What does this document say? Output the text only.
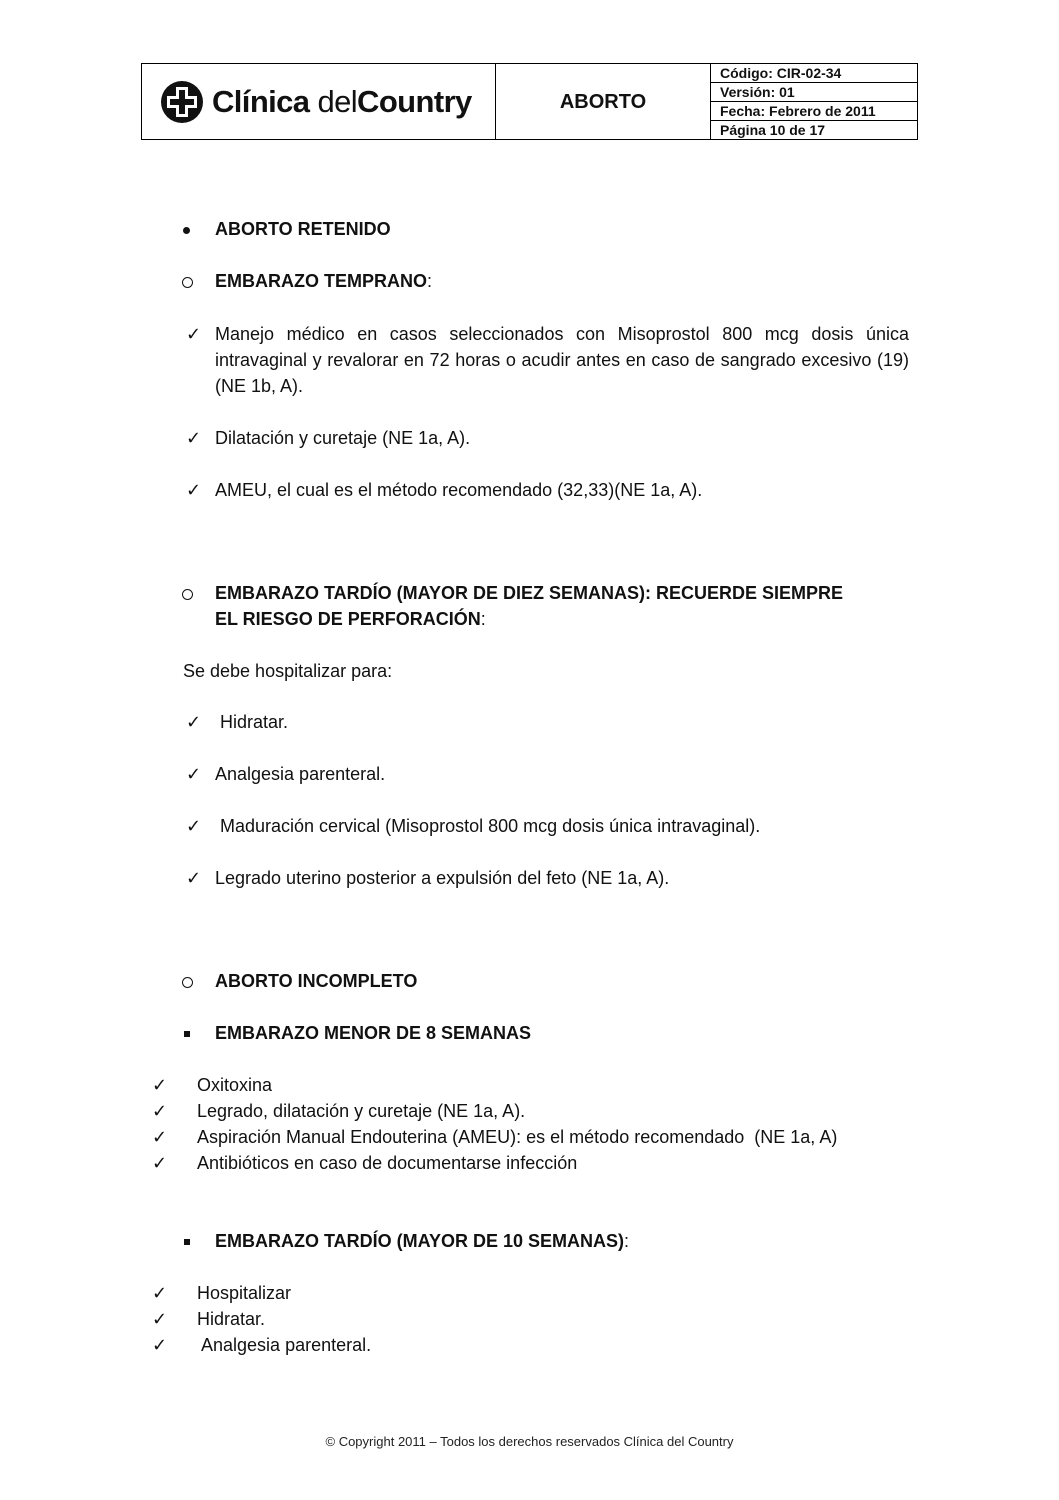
Clínica delCountry	ABORTO
Código: CIR-02-34
Versión: 01
Fecha: Febrero de 2011
Página 10 de 17
ABORTO RETENIDO
EMBARAZO TEMPRANO:
✓ Manejo médico en casos seleccionados con Misoprostol 800 mcg dosis única intravaginal y revalorar en 72 horas o acudir antes en caso de sangrado excesivo (19)(NE 1b, A).
✓ Dilatación y curetaje (NE 1a, A).
✓ AMEU, el cual es el método recomendado (32,33)(NE 1a, A).
EMBARAZO TARDÍO (MAYOR DE DIEZ SEMANAS): RECUERDE SIEMPRE
EL RIESGO DE PERFORACIÓN:
Se debe hospitalizar para:
✓ Hidratar.
✓ Analgesia parenteral.
✓ Maduración cervical (Misoprostol 800 mcg dosis única intravaginal).
✓ Legrado uterino posterior a expulsión del feto (NE 1a, A).
ABORTO INCOMPLETO
EMBARAZO MENOR DE 8 SEMANAS
✓ Oxitoxina
✓ Legrado, dilatación y curetaje (NE 1a, A).
✓ Aspiración Manual Endouterina (AMEU): es el método recomendado  (NE 1a, A)
✓ Antibióticos en caso de documentarse infección
EMBARAZO TARDÍO (MAYOR DE 10 SEMANAS):
✓ Hospitalizar
✓ Hidratar.
✓ Analgesia parenteral.
© Copyright 2011 – Todos los derechos reservados Clínica del Country
